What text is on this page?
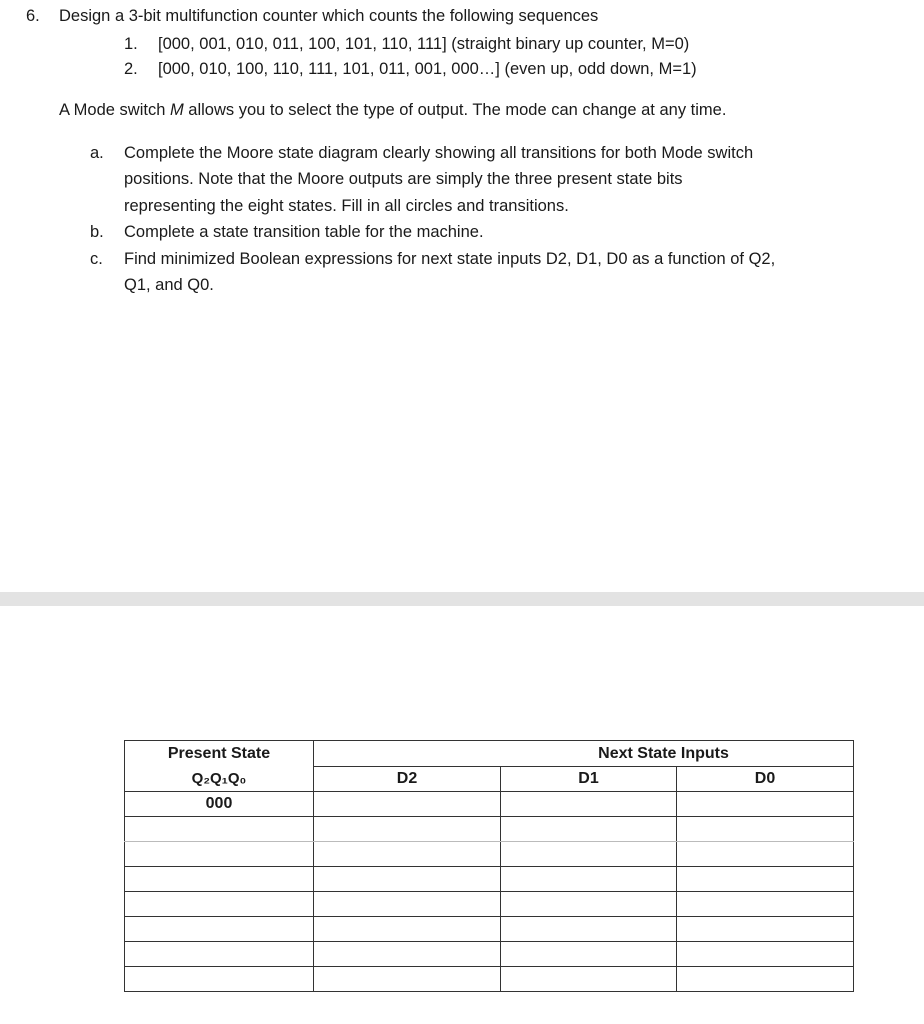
6. Design a 3-bit multifunction counter which counts the following sequences
1. [000, 001, 010, 011, 100, 101, 110, 111] (straight binary up counter, M=0)
2. [000, 010, 100, 110, 111, 101, 011, 001, 000…] (even up, odd down, M=1)
A Mode switch M allows you to select the type of output. The mode can change at any time.
a. Complete the Moore state diagram clearly showing all transitions for both Mode switch
positions. Note that the Moore outputs are simply the three present state bits
representing the eight states. Fill in all circles and transitions.
b. Complete a state transition table for the machine.
c. Find minimized Boolean expressions for next state inputs D2, D1, D0 as a function of Q2,
Q1, and Q0.
Present State	Next State Inputs		
Q₂Q₁Q₀	D2	D1	D0
000			
